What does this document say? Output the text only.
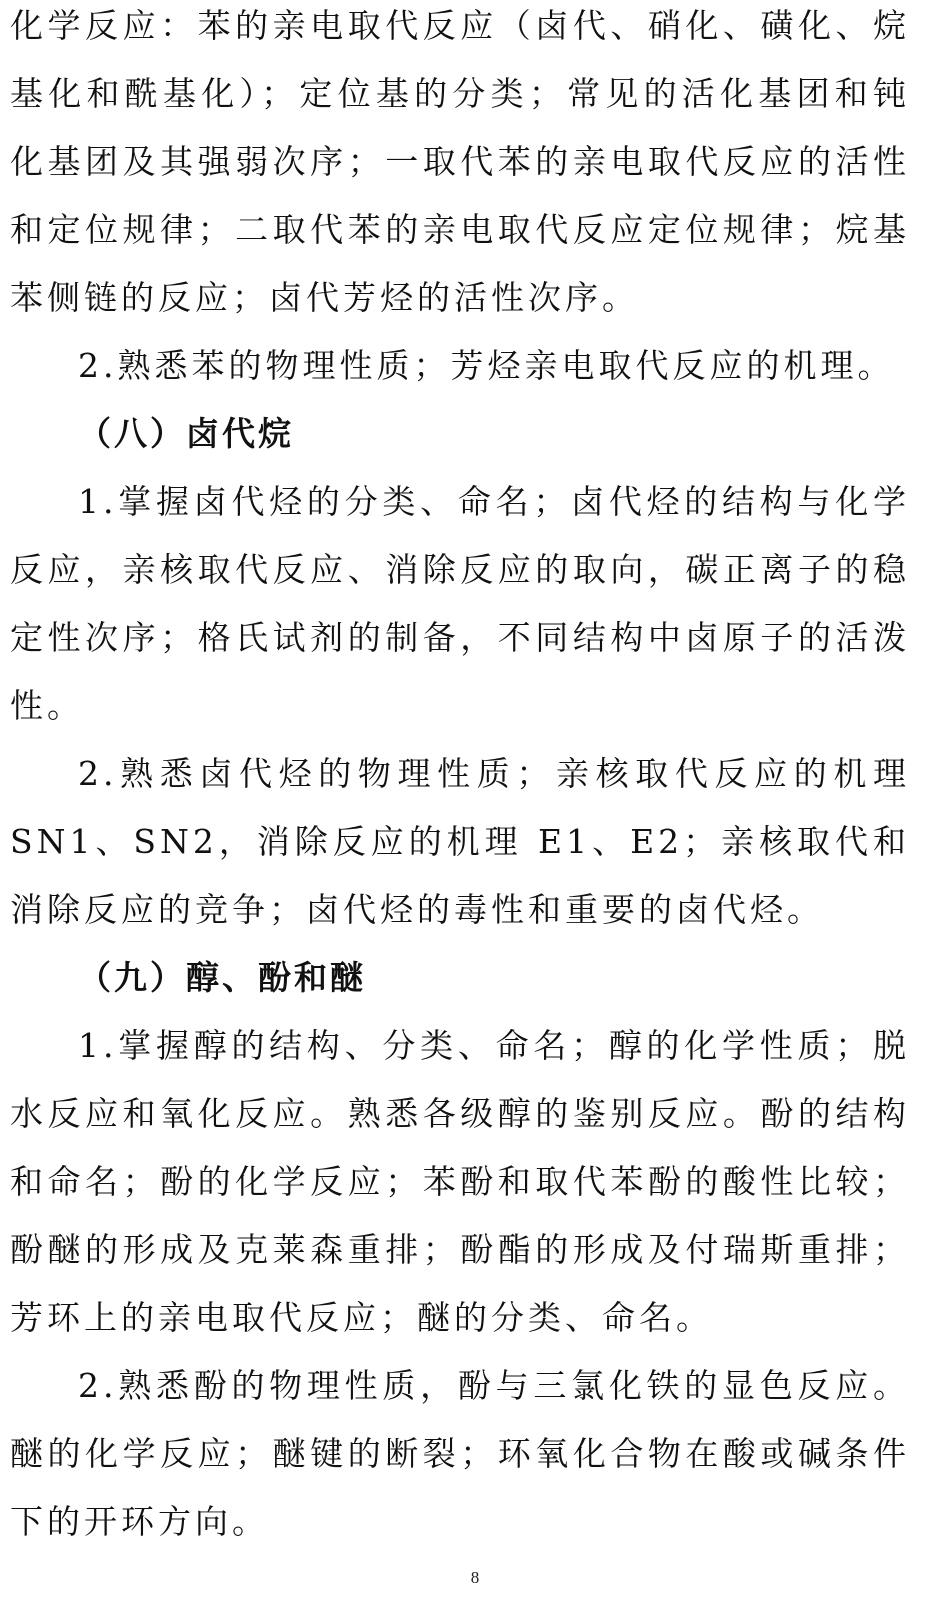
化学反应：苯的亲电取代反应（卤代、硝化、磺化、烷基化和酰基化）；定位基的分类；常见的活化基团和钝化基团及其强弱次序；一取代苯的亲电取代反应的活性和定位规律；二取代苯的亲电取代反应定位规律；烷基苯侧链的反应；卤代芳烃的活性次序。

2.熟悉苯的物理性质；芳烃亲电取代反应的机理。

（八）卤代烷

1.掌握卤代烃的分类、命名；卤代烃的结构与化学反应，亲核取代反应、消除反应的取向，碳正离子的稳定性次序；格氏试剂的制备，不同结构中卤原子的活泼性。

2.熟悉卤代烃的物理性质；亲核取代反应的机理 SN1、SN2，消除反应的机理 E1、E2；亲核取代和消除反应的竞争；卤代烃的毒性和重要的卤代烃。

（九）醇、酚和醚

1.掌握醇的结构、分类、命名；醇的化学性质；脱水反应和氧化反应。熟悉各级醇的鉴别反应。酚的结构和命名；酚的化学反应；苯酚和取代苯酚的酸性比较；酚醚的形成及克莱森重排；酚酯的形成及付瑞斯重排；芳环上的亲电取代反应；醚的分类、命名。

2.熟悉酚的物理性质，酚与三氯化铁的显色反应。醚的化学反应；醚键的断裂；环氧化合物在酸或碱条件下的开环方向。

8
